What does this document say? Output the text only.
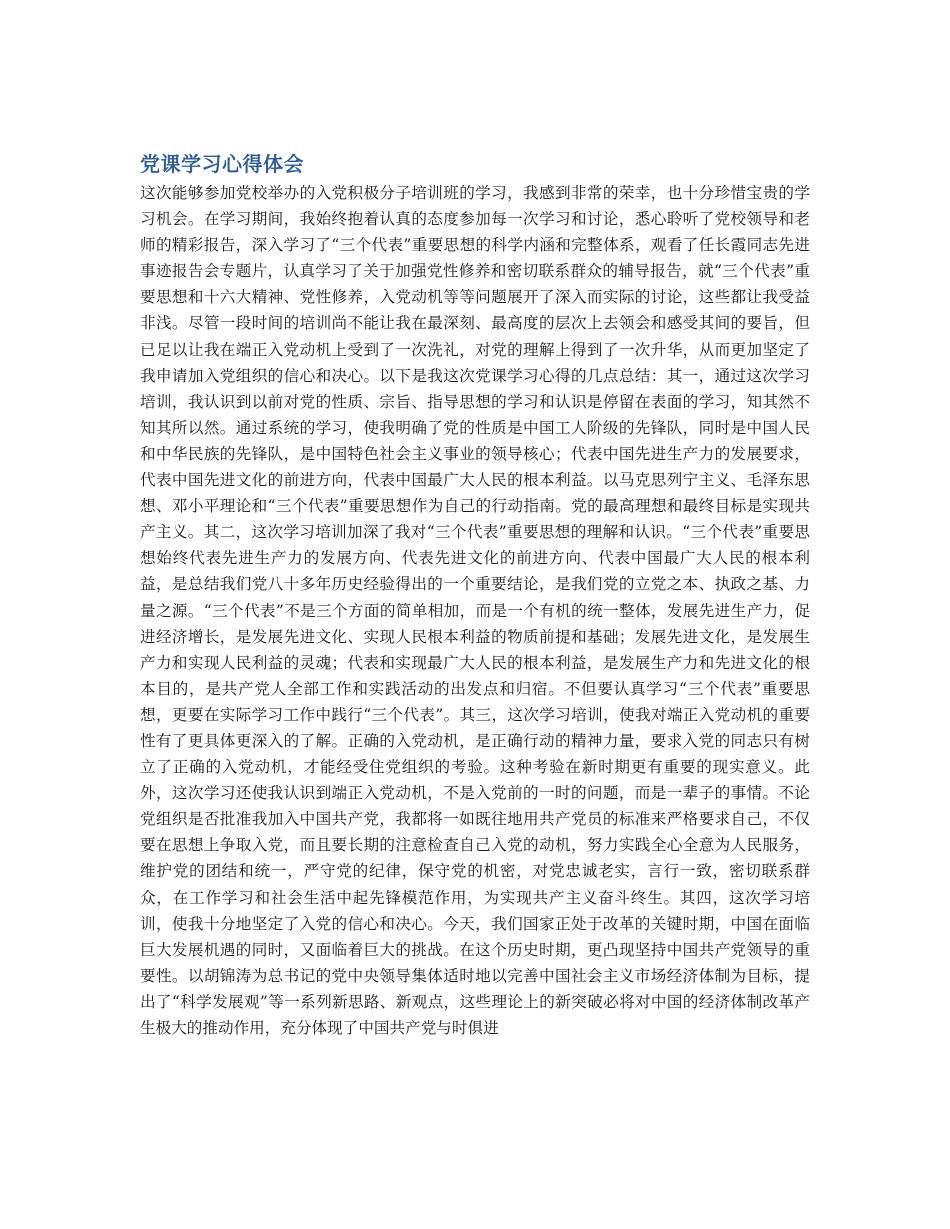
党课学习心得体会

这次能够参加党校举办的入党积极分子培训班的学习，我感到非常的荣幸，也十分珍惜宝贵的学习机会。在学习期间，我始终抱着认真的态度参加每一次学习和讨论，悉心聆听了党校领导和老师的精彩报告，深入学习了“三个代表”重要思想的科学内涵和完整体系，观看了任长霞同志先进事迹报告会专题片，认真学习了关于加强党性修养和密切联系群众的辅导报告，就“三个代表”重要思想和十六大精神、党性修养，入党动机等等问题展开了深入而实际的讨论，这些都让我受益非浅。尽管一段时间的培训尚不能让我在最深刻、最高度的层次上去领会和感受其间的要旨，但已足以让我在端正入党动机上受到了一次洗礼，对党的理解上得到了一次升华，从而更加坚定了我申请加入党组织的信心和决心。以下是我这次党课学习心得的几点总结：其一，通过这次学习培训，我认识到以前对党的性质、宗旨、指导思想的学习和认识是停留在表面的学习，知其然不知其所以然。通过系统的学习，使我明确了党的性质是中国工人阶级的先锋队，同时是中国人民和中华民族的先锋队，是中国特色社会主义事业的领导核心；代表中国先进生产力的发展要求，代表中国先进文化的前进方向，代表中国最广大人民的根本利益。以马克思列宁主义、毛泽东思想、邓小平理论和“三个代表”重要思想作为自己的行动指南。党的最高理想和最终目标是实现共产主义。其二，这次学习培训加深了我对“三个代表”重要思想的理解和认识。“三个代表”重要思想始终代表先进生产力的发展方向、代表先进文化的前进方向、代表中国最广大人民的根本利益，是总结我们党八十多年历史经验得出的一个重要结论，是我们党的立党之本、执政之基、力量之源。“三个代表”不是三个方面的简单相加，而是一个有机的统一整体，发展先进生产力，促进经济增长，是发展先进文化、实现人民根本利益的物质前提和基础；发展先进文化，是发展生产力和实现人民利益的灵魂；代表和实现最广大人民的根本利益，是发展生产力和先进文化的根本目的，是共产党人全部工作和实践活动的出发点和归宿。不但要认真学习“三个代表”重要思想，更要在实际学习工作中践行“三个代表”。其三，这次学习培训，使我对端正入党动机的重要性有了更具体更深入的了解。正确的入党动机，是正确行动的精神力量，要求入党的同志只有树立了正确的入党动机，才能经受住党组织的考验。这种考验在新时期更有重要的现实意义。此外，这次学习还使我认识到端正入党动机，不是入党前的一时的问题，而是一辈子的事情。不论党组织是否批准我加入中国共产党，我都将一如既往地用共产党员的标准来严格要求自己，不仅要在思想上争取入党，而且要长期的注意检查自己入党的动机，努力实践全心全意为人民服务，维护党的团结和统一，严守党的纪律，保守党的机密，对党忠诚老实，言行一致，密切联系群众，在工作学习和社会生活中起先锋模范作用，为实现共产主义奋斗终生。其四，这次学习培训，使我十分地坚定了入党的信心和决心。今天，我们国家正处于改革的关键时期，中国在面临巨大发展机遇的同时，又面临着巨大的挑战。在这个历史时期，更凸现坚持中国共产党领导的重要性。以胡锦涛为总书记的党中央领导集体适时地以完善中国社会主义市场经济体制为目标，提出了“科学发展观”等一系列新思路、新观点，这些理论上的新突破必将对中国的经济体制改革产生极大的推动作用，充分体现了中国共产党与时俱进
